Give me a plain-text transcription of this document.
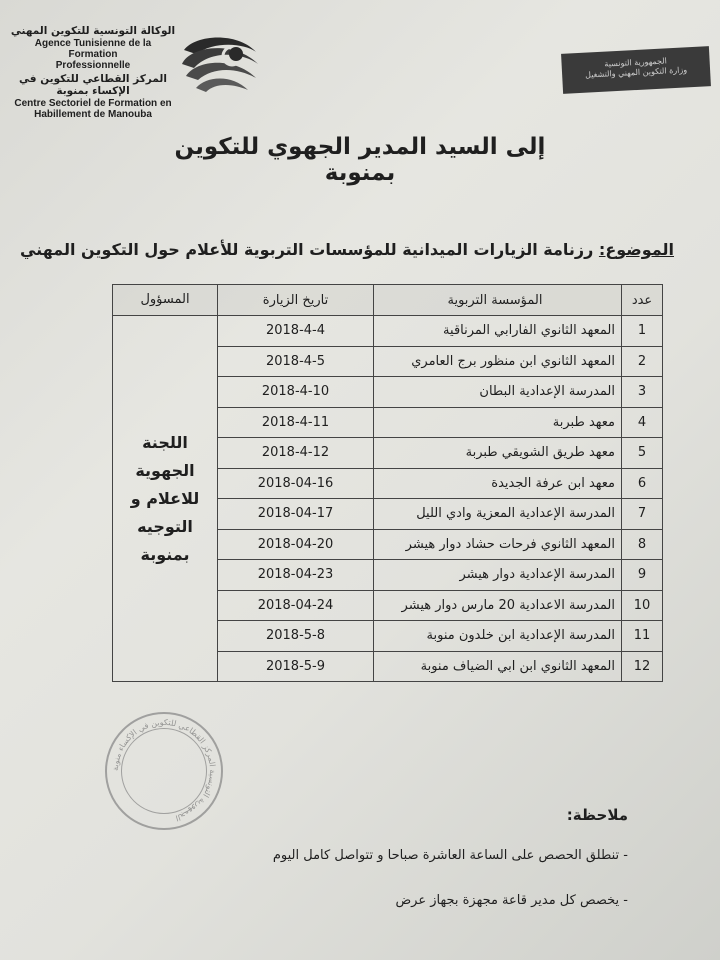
الوكالة التونسية للتكوين المهني
Agence Tunisienne de la Formation
Professionnelle
المركز القطاعي للتكوين في الإكساء بمنوبة
Centre Sectoriel de Formation en
Habillement de Manouba
الجمهورية التونسية
وزارة التكوين المهني والتشغيل
إلى السيد المدير الجهوي للتكوين بمنوبة
الموضوع: رزنامة الزيارات الميدانية للمؤسسات التربوية للأعلام حول التكوين المهني
عدد	المؤسسة التربوية	تاريخ الزيارة	المسؤول
1	المعهد الثانوي الفارابي المرناقية	2018-4-4	اللجنة الجهوية للاعلام و التوجيه بمنوبة
2	المعهد الثانوي ابن منظور برج العامري	2018-4-5	
3	المدرسة الإعدادية البطان	2018-4-10	
4	معهد طبربة	2018-4-11	
5	معهد طريق الشويقي طبربة	2018-4-12	
6	معهد ابن عرفة الجديدة	2018-04-16	
7	المدرسة الإعدادية المعزية وادي الليل	2018-04-17	
8	المعهد الثانوي فرحات حشاد دوار هيشر	2018-04-20	
9	المدرسة الإعدادية دوار هيشر	2018-04-23	
10	المدرسة الاعدادية 20 مارس دوار هيشر	2018-04-24	
11	المدرسة الإعدادية ابن خلدون منوبة	2018-5-8	
12	المعهد الثانوي ابن ابي الضياف منوبة	2018-5-9	
الجمهورية التونسية المركز القطاعي للتكوين في الإكساء منوبة	ملاحظة:
- تنطلق الحصص على الساعة العاشرة صباحا و تتواصل كامل اليوم
- يخصص كل مدير قاعة مجهزة بجهاز عرض
